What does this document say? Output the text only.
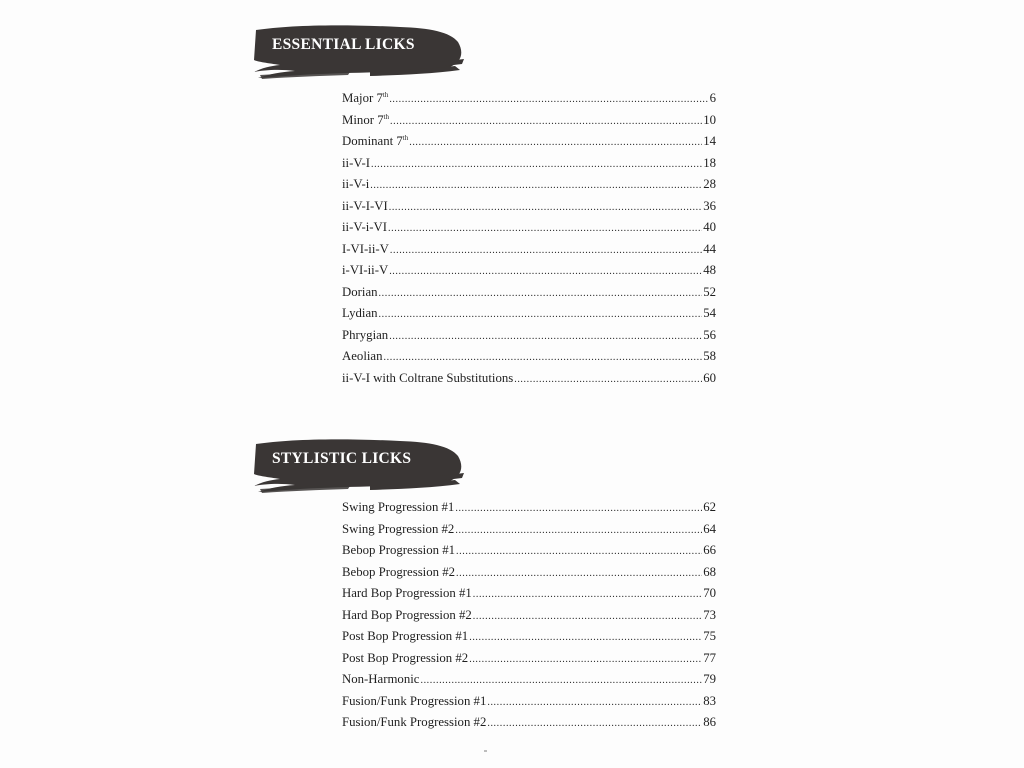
ESSENTIAL LICKS
Major 7th .....	6
Minor 7th .....	10
Dominant 7th .....	14
ii-V-I .....	18
ii-V-i .....	28
ii-V-I-VI .....	36
ii-V-i-VI .....	40
I-VI-ii-V .....	44
i-VI-ii-V .....	48
Dorian .....	52
Lydian .....	54
Phrygian .....	56
Aeolian .....	58
ii-V-I with Coltrane Substitutions .....	60
STYLISTIC LICKS
Swing Progression #1 .....	62
Swing Progression #2 .....	64
Bebop Progression #1 .....	66
Bebop Progression #2 .....	68
Hard Bop Progression #1 .....	70
Hard Bop Progression #2 .....	73
Post Bop Progression #1 .....	75
Post Bop Progression #2 .....	77
Non-Harmonic .....	79
Fusion/Funk Progression #1 .....	83
Fusion/Funk Progression #2 .....	86
